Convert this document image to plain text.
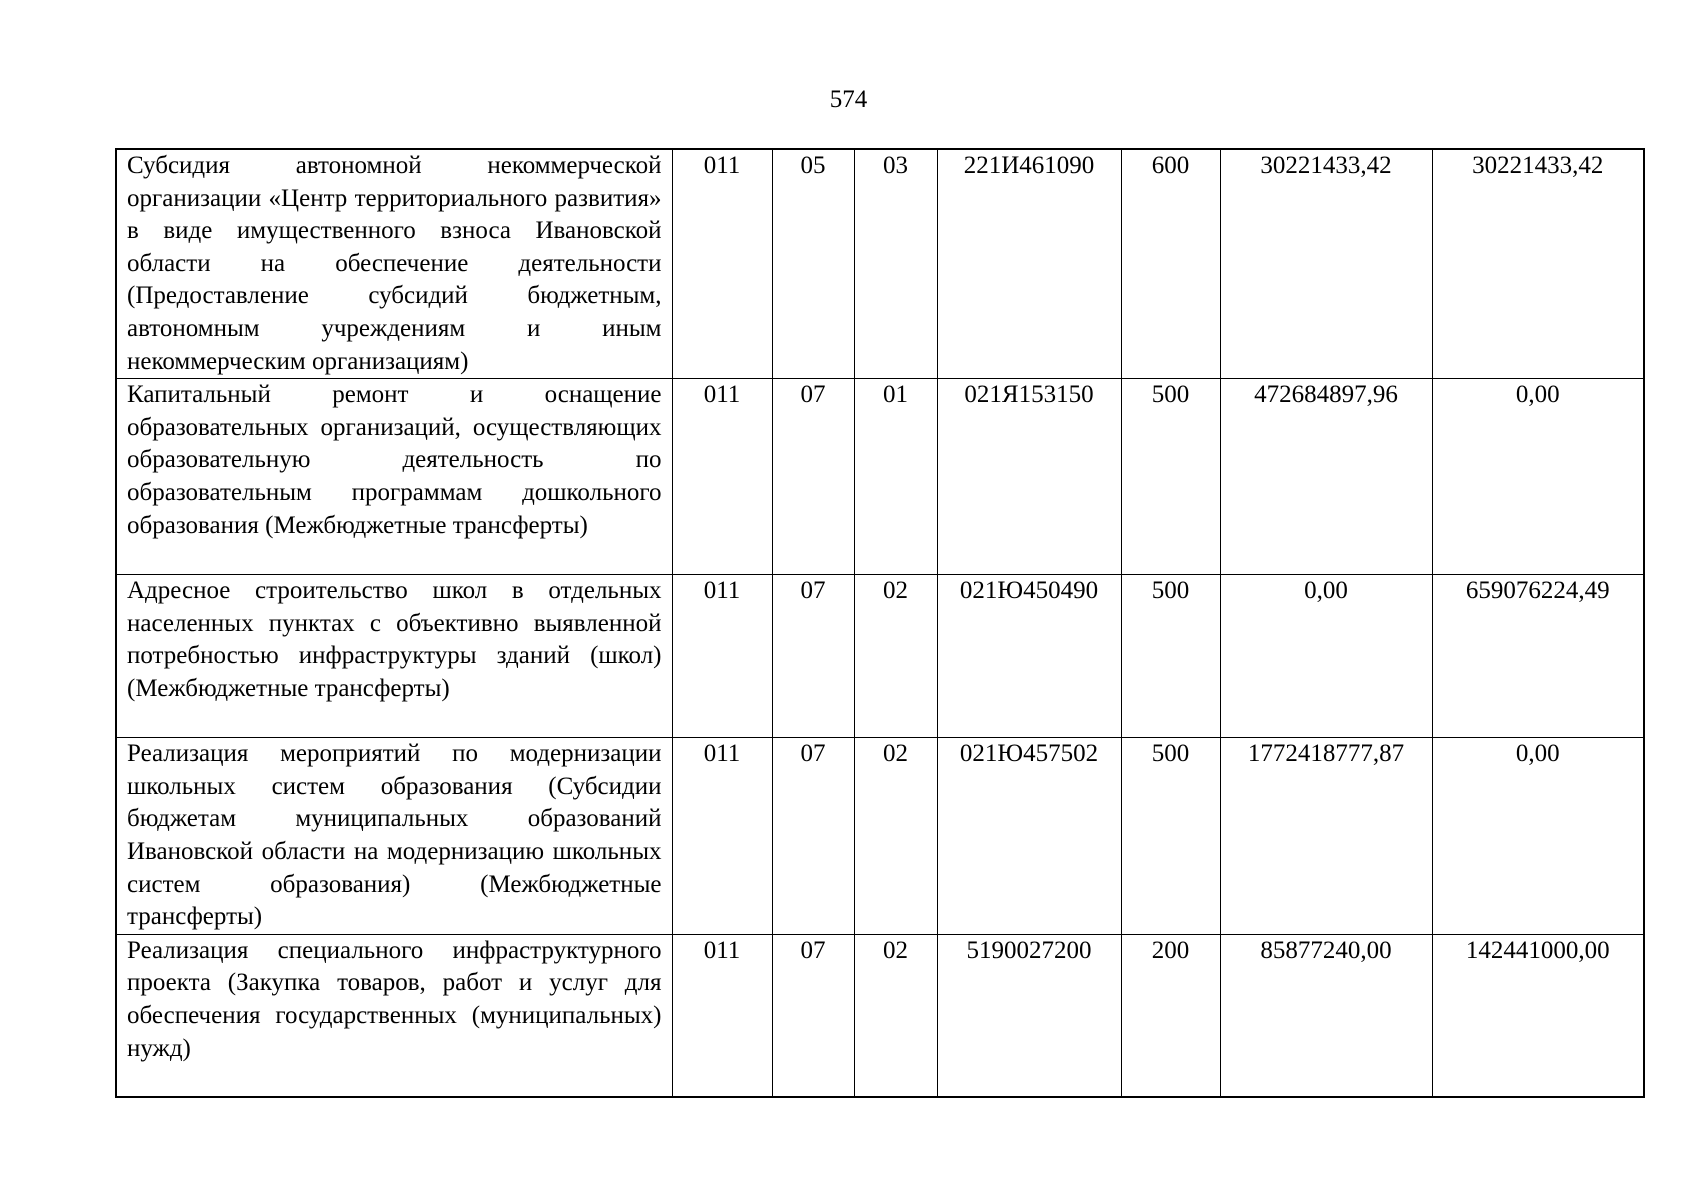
574
Субсидия автономной некоммерческой организации «Центр территориального развития» в виде имущественного взноса Ивановской области на обеспечение деятельности (Предоставление субсидий бюджетным, автономным учреждениям и иным некоммерческим организациям)	011	05	03	221И461090	600	30221433,42	30221433,42
Капитальный ремонт и оснащение образовательных организаций, осуществляющих образовательную деятельность по образовательным программам дошкольного образования (Межбюджетные трансферты)	011	07	01	021Я153150	500	472684897,96	0,00
Адресное строительство школ в отдельных населенных пунктах с объективно выявленной потребностью инфраструктуры зданий (школ) (Межбюджетные трансферты)	011	07	02	021Ю450490	500	0,00	659076224,49
Реализация мероприятий по модернизации школьных систем образования (Субсидии бюджетам муниципальных образований Ивановской области на модернизацию школьных систем образования) (Межбюджетные трансферты)	011	07	02	021Ю457502	500	1772418777,87	0,00
Реализация специального инфраструктурного проекта (Закупка товаров, работ и услуг для обеспечения государственных (муниципальных) нужд)	011	07	02	5190027200	200	85877240,00	142441000,00
